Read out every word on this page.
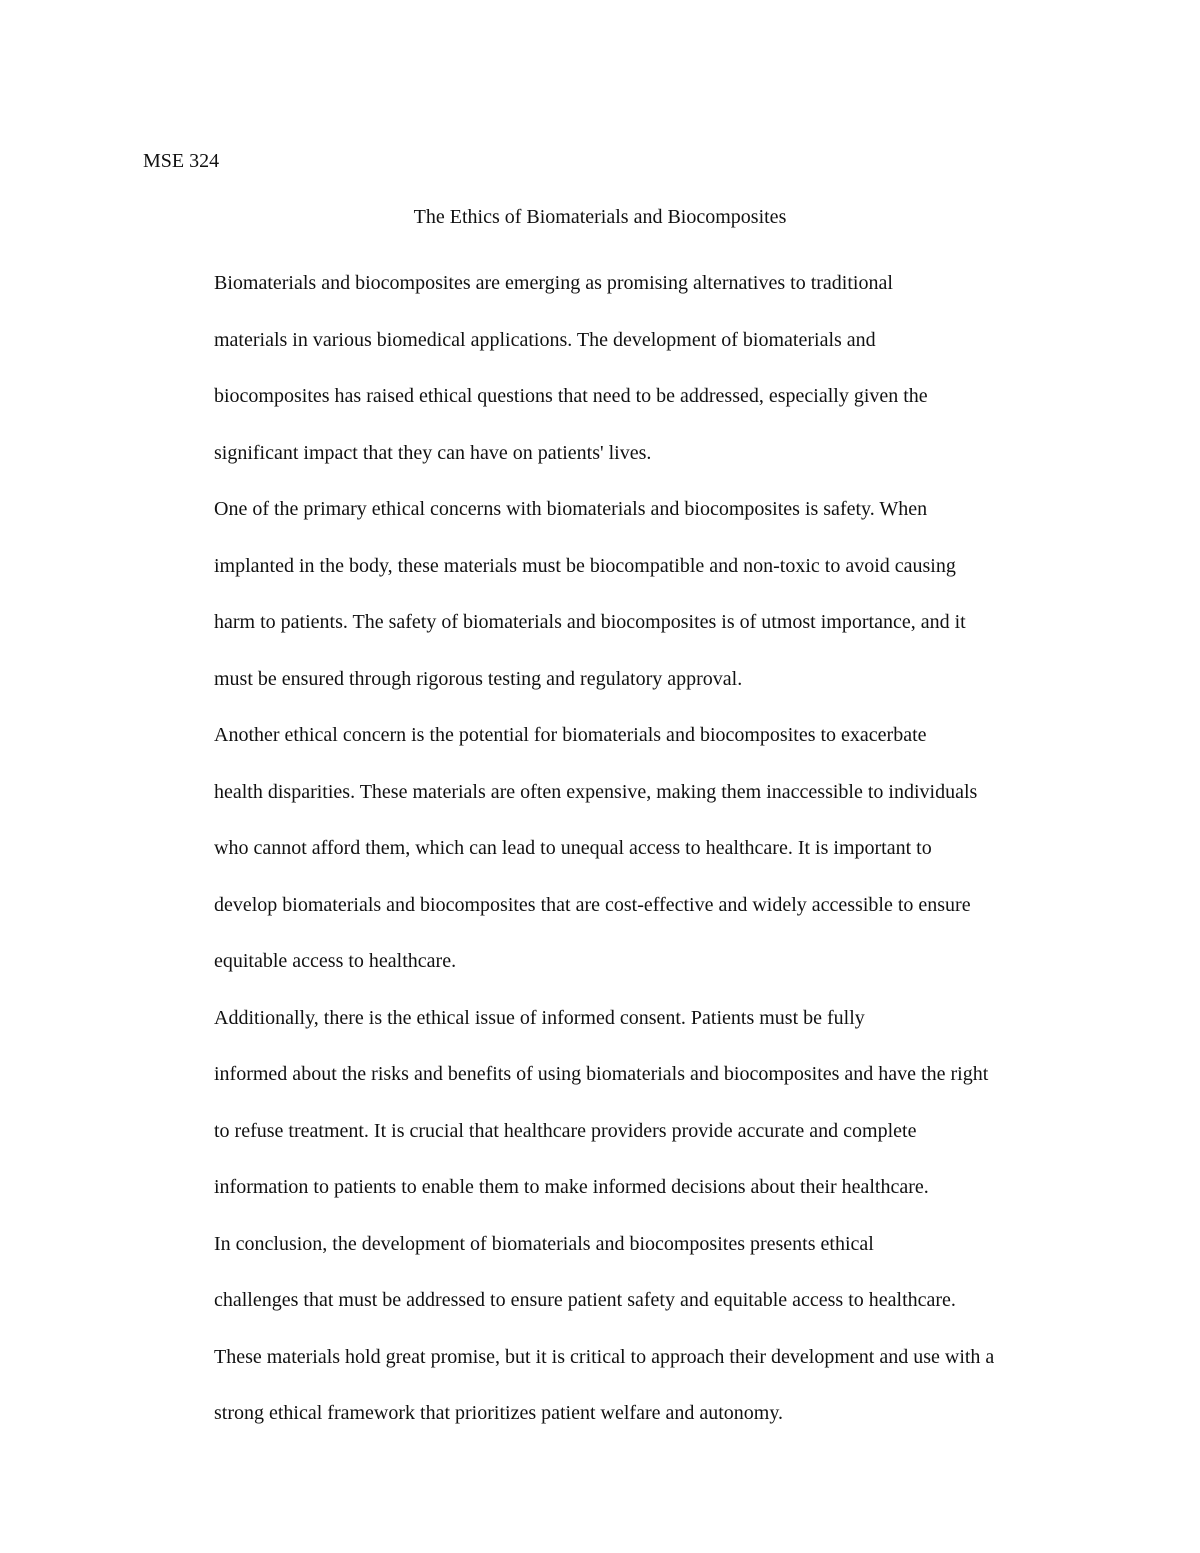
MSE 324
The Ethics of Biomaterials and Biocomposites

Biomaterials and biocomposites are emerging as promising alternatives to traditional
materials in various biomedical applications. The development of biomaterials and
biocomposites has raised ethical questions that need to be addressed, especially given the
significant impact that they can have on patients' lives.

One of the primary ethical concerns with biomaterials and biocomposites is safety. When
implanted in the body, these materials must be biocompatible and non-toxic to avoid causing
harm to patients. The safety of biomaterials and biocomposites is of utmost importance, and it
must be ensured through rigorous testing and regulatory approval.

Another ethical concern is the potential for biomaterials and biocomposites to exacerbate
health disparities. These materials are often expensive, making them inaccessible to individuals
who cannot afford them, which can lead to unequal access to healthcare. It is important to
develop biomaterials and biocomposites that are cost-effective and widely accessible to ensure
equitable access to healthcare.

Additionally, there is the ethical issue of informed consent. Patients must be fully
informed about the risks and benefits of using biomaterials and biocomposites and have the right
to refuse treatment. It is crucial that healthcare providers provide accurate and complete
information to patients to enable them to make informed decisions about their healthcare.

In conclusion, the development of biomaterials and biocomposites presents ethical
challenges that must be addressed to ensure patient safety and equitable access to healthcare.
These materials hold great promise, but it is critical to approach their development and use with a
strong ethical framework that prioritizes patient welfare and autonomy.
